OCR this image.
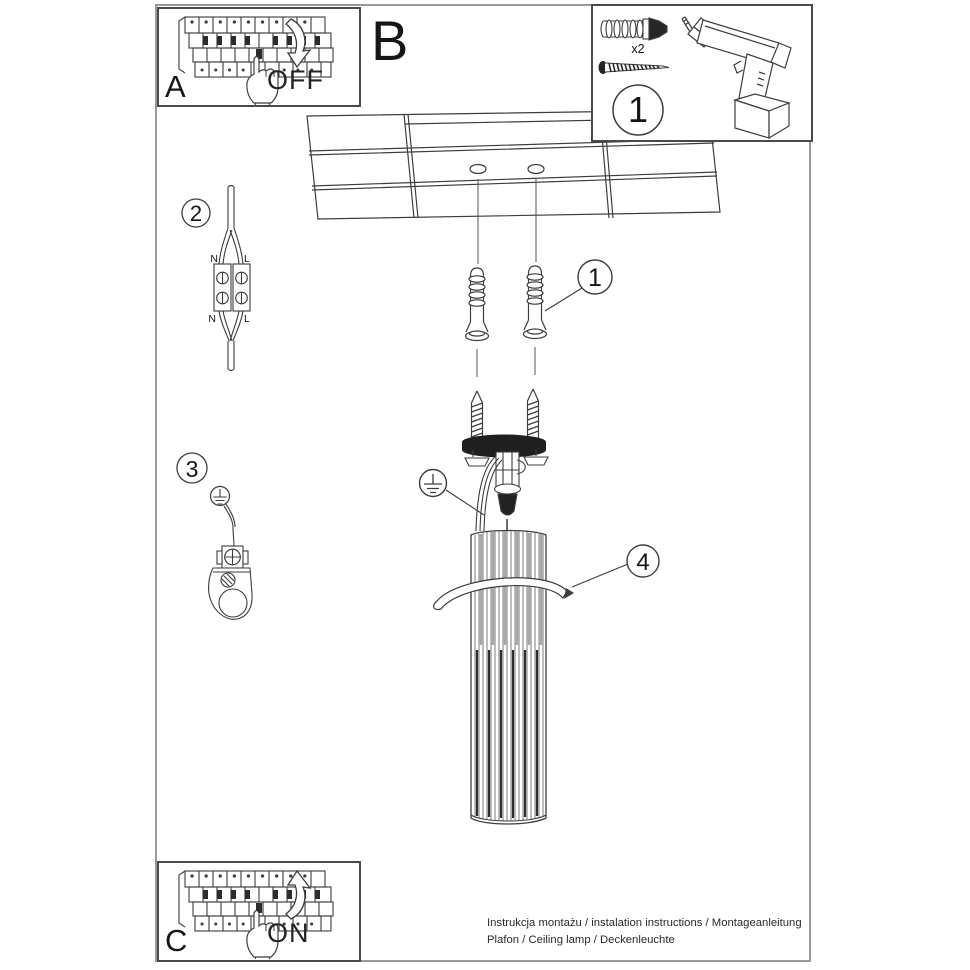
1
4
2
N L
N	L
3
B
OFF
A
ON
C
x2
1
Instrukcja montażu / instalation instructions / Montageanleitung
Plafon / Ceiling lamp / Deckenleuchte
